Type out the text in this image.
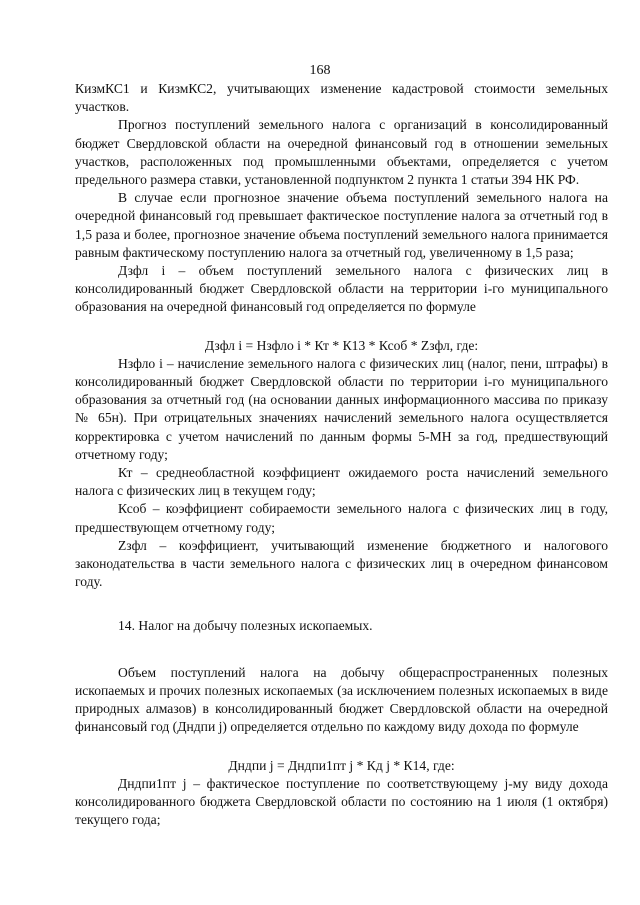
168

КизмКС1 и КизмКС2, учитывающих изменение кадастровой стоимости земельных участков.

Прогноз поступлений земельного налога с организаций в консолидированный бюджет Свердловской области на очередной финансовый год в отношении земельных участков, расположенных под промышленными объектами, определяется с учетом предельного размера ставки, установленной подпунктом 2 пункта 1 статьи 394 НК РФ.

В случае если прогнозное значение объема поступлений земельного налога на очередной финансовый год превышает фактическое поступление налога за отчетный год в 1,5 раза и более, прогнозное значение объема поступлений земельного налога принимается равным фактическому поступлению налога за отчетный год, увеличенному в 1,5 раза;

Дзфл i – объем поступлений земельного налога с физических лиц в консолидированный бюджет Свердловской области на территории i-го муниципального образования на очередной финансовый год определяется по формуле

Дзфл i = Нзфло i * Кт * К13 * Ксоб * Zзфл, где:

Нзфло i – начисление земельного налога с физических лиц (налог, пени, штрафы) в консолидированный бюджет Свердловской области по территории i-го муниципального образования за отчетный год (на основании данных информационного массива по приказу № 65н). При отрицательных значениях начислений земельного налога осуществляется корректировка с учетом начислений по данным формы 5-МН за год, предшествующий отчетному году;

Кт – среднеобластной коэффициент ожидаемого роста начислений земельного налога с физических лиц в текущем году;

Ксоб – коэффициент собираемости земельного налога с физических лиц в году, предшествующем отчетному году;

Zзфл – коэффициент, учитывающий изменение бюджетного и налогового законодательства в части земельного налога с физических лиц в очередном финансовом году.

14. Налог на добычу полезных ископаемых.

Объем поступлений налога на добычу общераспространенных полезных ископаемых и прочих полезных ископаемых (за исключением полезных ископаемых в виде природных алмазов) в консолидированный бюджет Свердловской области на очередной финансовый год (Дндпи j) определяется отдельно по каждому виду дохода по формуле

Дндпи j = Дндпи1пт j * Кд j * К14, где:

Дндпи1пт j – фактическое поступление по соответствующему j-му виду дохода консолидированного бюджета Свердловской области по состоянию на 1 июля (1 октября) текущего года;
